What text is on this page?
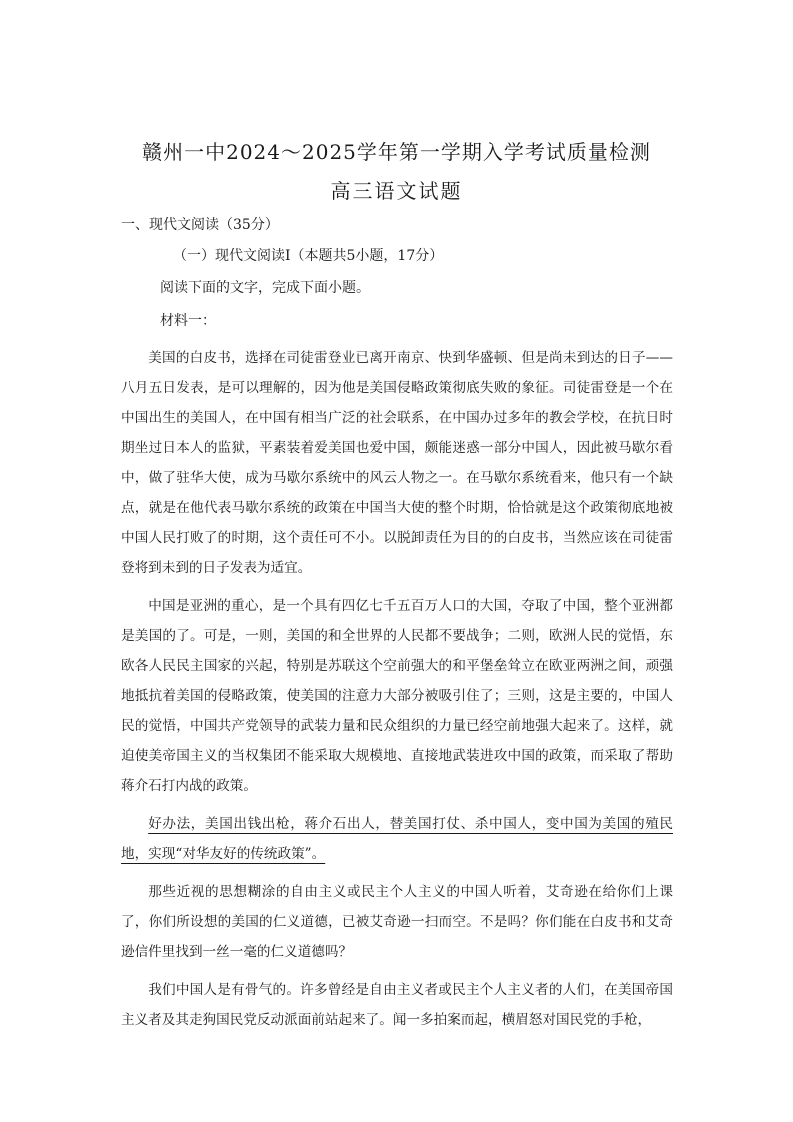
赣州一中2024～2025学年第一学期入学考试质量检测
高三语文试题
一、现代文阅读（35分）
（一）现代文阅读I（本题共5小题，17分）
阅读下面的文字，完成下面小题。
材料一：

美国的白皮书，选择在司徒雷登业已离开南京、快到华盛顿、但是尚未到达的日子——八月五日发表，是可以理解的，因为他是美国侵略政策彻底失败的象征。司徒雷登是一个在中国出生的美国人，在中国有相当广泛的社会联系，在中国办过多年的教会学校，在抗日时期坐过日本人的监狱，平素装着爱美国也爱中国，颇能迷惑一部分中国人，因此被马歇尔看中，做了驻华大使，成为马歇尔系统中的风云人物之一。在马歇尔系统看来，他只有一个缺点，就是在他代表马歇尔系统的政策在中国当大使的整个时期，恰恰就是这个政策彻底地被中国人民打败了的时期，这个责任可不小。以脱卸责任为目的的白皮书，当然应该在司徒雷登将到未到的日子发表为适宜。

中国是亚洲的重心，是一个具有四亿七千五百万人口的大国，夺取了中国，整个亚洲都是美国的了。可是，一则，美国的和全世界的人民都不要战争；二则，欧洲人民的觉悟，东欧各人民民主国家的兴起，特别是苏联这个空前强大的和平堡垒耸立在欧亚两洲之间，顽强地抵抗着美国的侵略政策，使美国的注意力大部分被吸引住了；三则，这是主要的，中国人民的觉悟，中国共产党领导的武装力量和民众组织的力量已经空前地强大起来了。这样，就迫使美帝国主义的当权集团不能采取大规模地、直接地武装进攻中国的政策，而采取了帮助蒋介石打内战的政策。

好办法，美国出钱出枪，蒋介石出人，替美国打仗、杀中国人，变中国为美国的殖民地，实现“对华友好的传统政策”。

那些近视的思想糊涂的自由主义或民主个人主义的中国人听着，艾奇逊在给你们上课了，你们所设想的美国的仁义道德，已被艾奇逊一扫而空。不是吗？你们能在白皮书和艾奇逊信件里找到一丝一毫的仁义道德吗？

我们中国人是有骨气的。许多曾经是自由主义者或民主个人主义者的人们，在美国帝国主义者及其走狗国民党反动派面前站起来了。闻一多拍案而起，横眉怒对国民党的手枪，
